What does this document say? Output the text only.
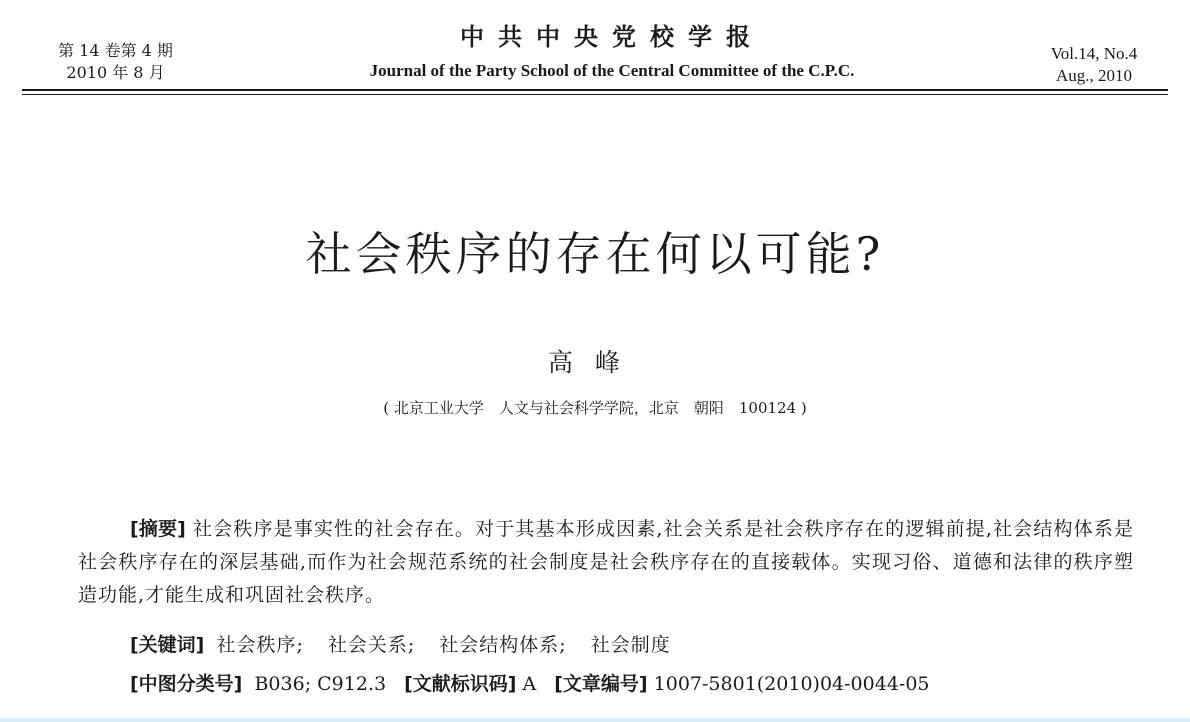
第 14 卷第 4 期
2010 年 8 月
中共中央党校学报
Journal of the Party School of the Central Committee of the C.P.C.
Vol.14, No.4
Aug., 2010
社会秩序的存在何以可能?
高峰
( 北京工业大学　人文与社会科学学院，北京　朝阳　100124 )
[摘要] 社会秩序是事实性的社会存在。对于其基本形成因素,社会关系是社会秩序存在的逻辑前提,社会结构体系是社会秩序存在的深层基础,而作为社会规范系统的社会制度是社会秩序存在的直接载体。实现习俗、道德和法律的秩序塑造功能,才能生成和巩固社会秩序。
[关键词] 社会秩序; 社会关系; 社会结构体系; 社会制度
[中图分类号] B036; C912.3 [文献标识码] A [文章编号] 1007-5801(2010)04-0044-05
